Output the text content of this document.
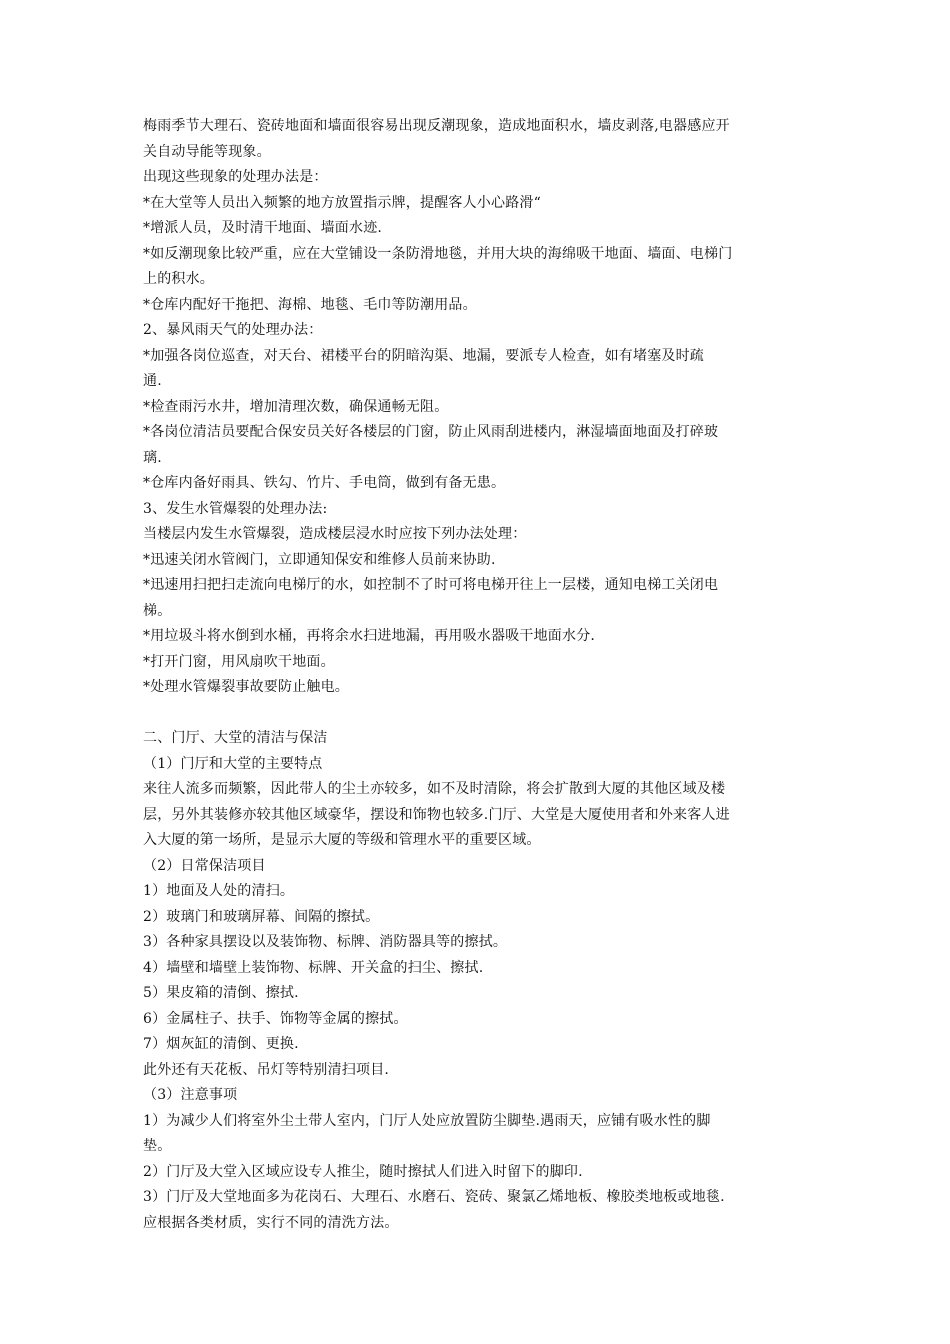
梅雨季节大理石、瓷砖地面和墙面很容易出现反潮现象，造成地面积水，墙皮剥落,电器感应开

关自动导能等现象。

出现这些现象的处理办法是：

*在大堂等人员出入频繁的地方放置指示牌，提醒客人小心路滑“

*增派人员，及时清干地面、墙面水迹.

*如反潮现象比较严重，应在大堂铺设一条防滑地毯，并用大块的海绵吸干地面、墙面、电梯门

上的积水。

*仓库内配好干拖把、海棉、地毯、毛巾等防潮用品。

2、暴风雨天气的处理办法：

*加强各岗位巡查，对天台、裙楼平台的阴暗沟渠、地漏，要派专人检查，如有堵塞及时疏

通.

*检查雨污水井，增加清理次数，确保通畅无阻。

*各岗位清洁员要配合保安员关好各楼层的门窗，防止风雨刮进楼内，淋湿墙面地面及打碎玻

璃.

*仓库内备好雨具、铁勾、竹片、手电筒，做到有备无患。

3、发生水管爆裂的处理办法:

当楼层内发生水管爆裂，造成楼层浸水时应按下列办法处理：

*迅速关闭水管阀门，立即通知保安和维修人员前来协助.

*迅速用扫把扫走流向电梯厅的水，如控制不了时可将电梯开往上一层楼，通知电梯工关闭电

梯。

*用垃圾斗将水倒到水桶，再将余水扫进地漏，再用吸水器吸干地面水分.

*打开门窗，用风扇吹干地面。

*处理水管爆裂事故要防止触电。

二、门厅、大堂的清洁与保洁

（1）门厅和大堂的主要特点

来往人流多而频繁，因此带人的尘土亦较多，如不及时清除，将会扩散到大厦的其他区域及楼

层，另外其装修亦较其他区域豪华，摆设和饰物也较多.门厅、大堂是大厦使用者和外来客人进

入大厦的第一场所，是显示大厦的等级和管理水平的重要区域。

（2）日常保洁项目

1）地面及人处的清扫。

2）玻璃门和玻璃屏幕、间隔的擦拭。

3）各种家具摆设以及装饰物、标牌、消防器具等的擦拭。

4）墙壁和墙壁上装饰物、标牌、开关盒的扫尘、擦拭.

5）果皮箱的清倒、擦拭.

6）金属柱子、扶手、饰物等金属的擦拭。

7）烟灰缸的清倒、更换.

此外还有天花板、吊灯等特别清扫项目.

（3）注意事项

1）为减少人们将室外尘土带人室内，门厅人处应放置防尘脚垫.遇雨天，应铺有吸水性的脚

垫。

2）门厅及大堂入区域应设专人推尘，随时擦拭人们进入时留下的脚印.

3）门厅及大堂地面多为花岗石、大理石、水磨石、瓷砖、聚氯乙烯地板、橡胶类地板或地毯.

应根据各类材质，实行不同的清洗方法。
